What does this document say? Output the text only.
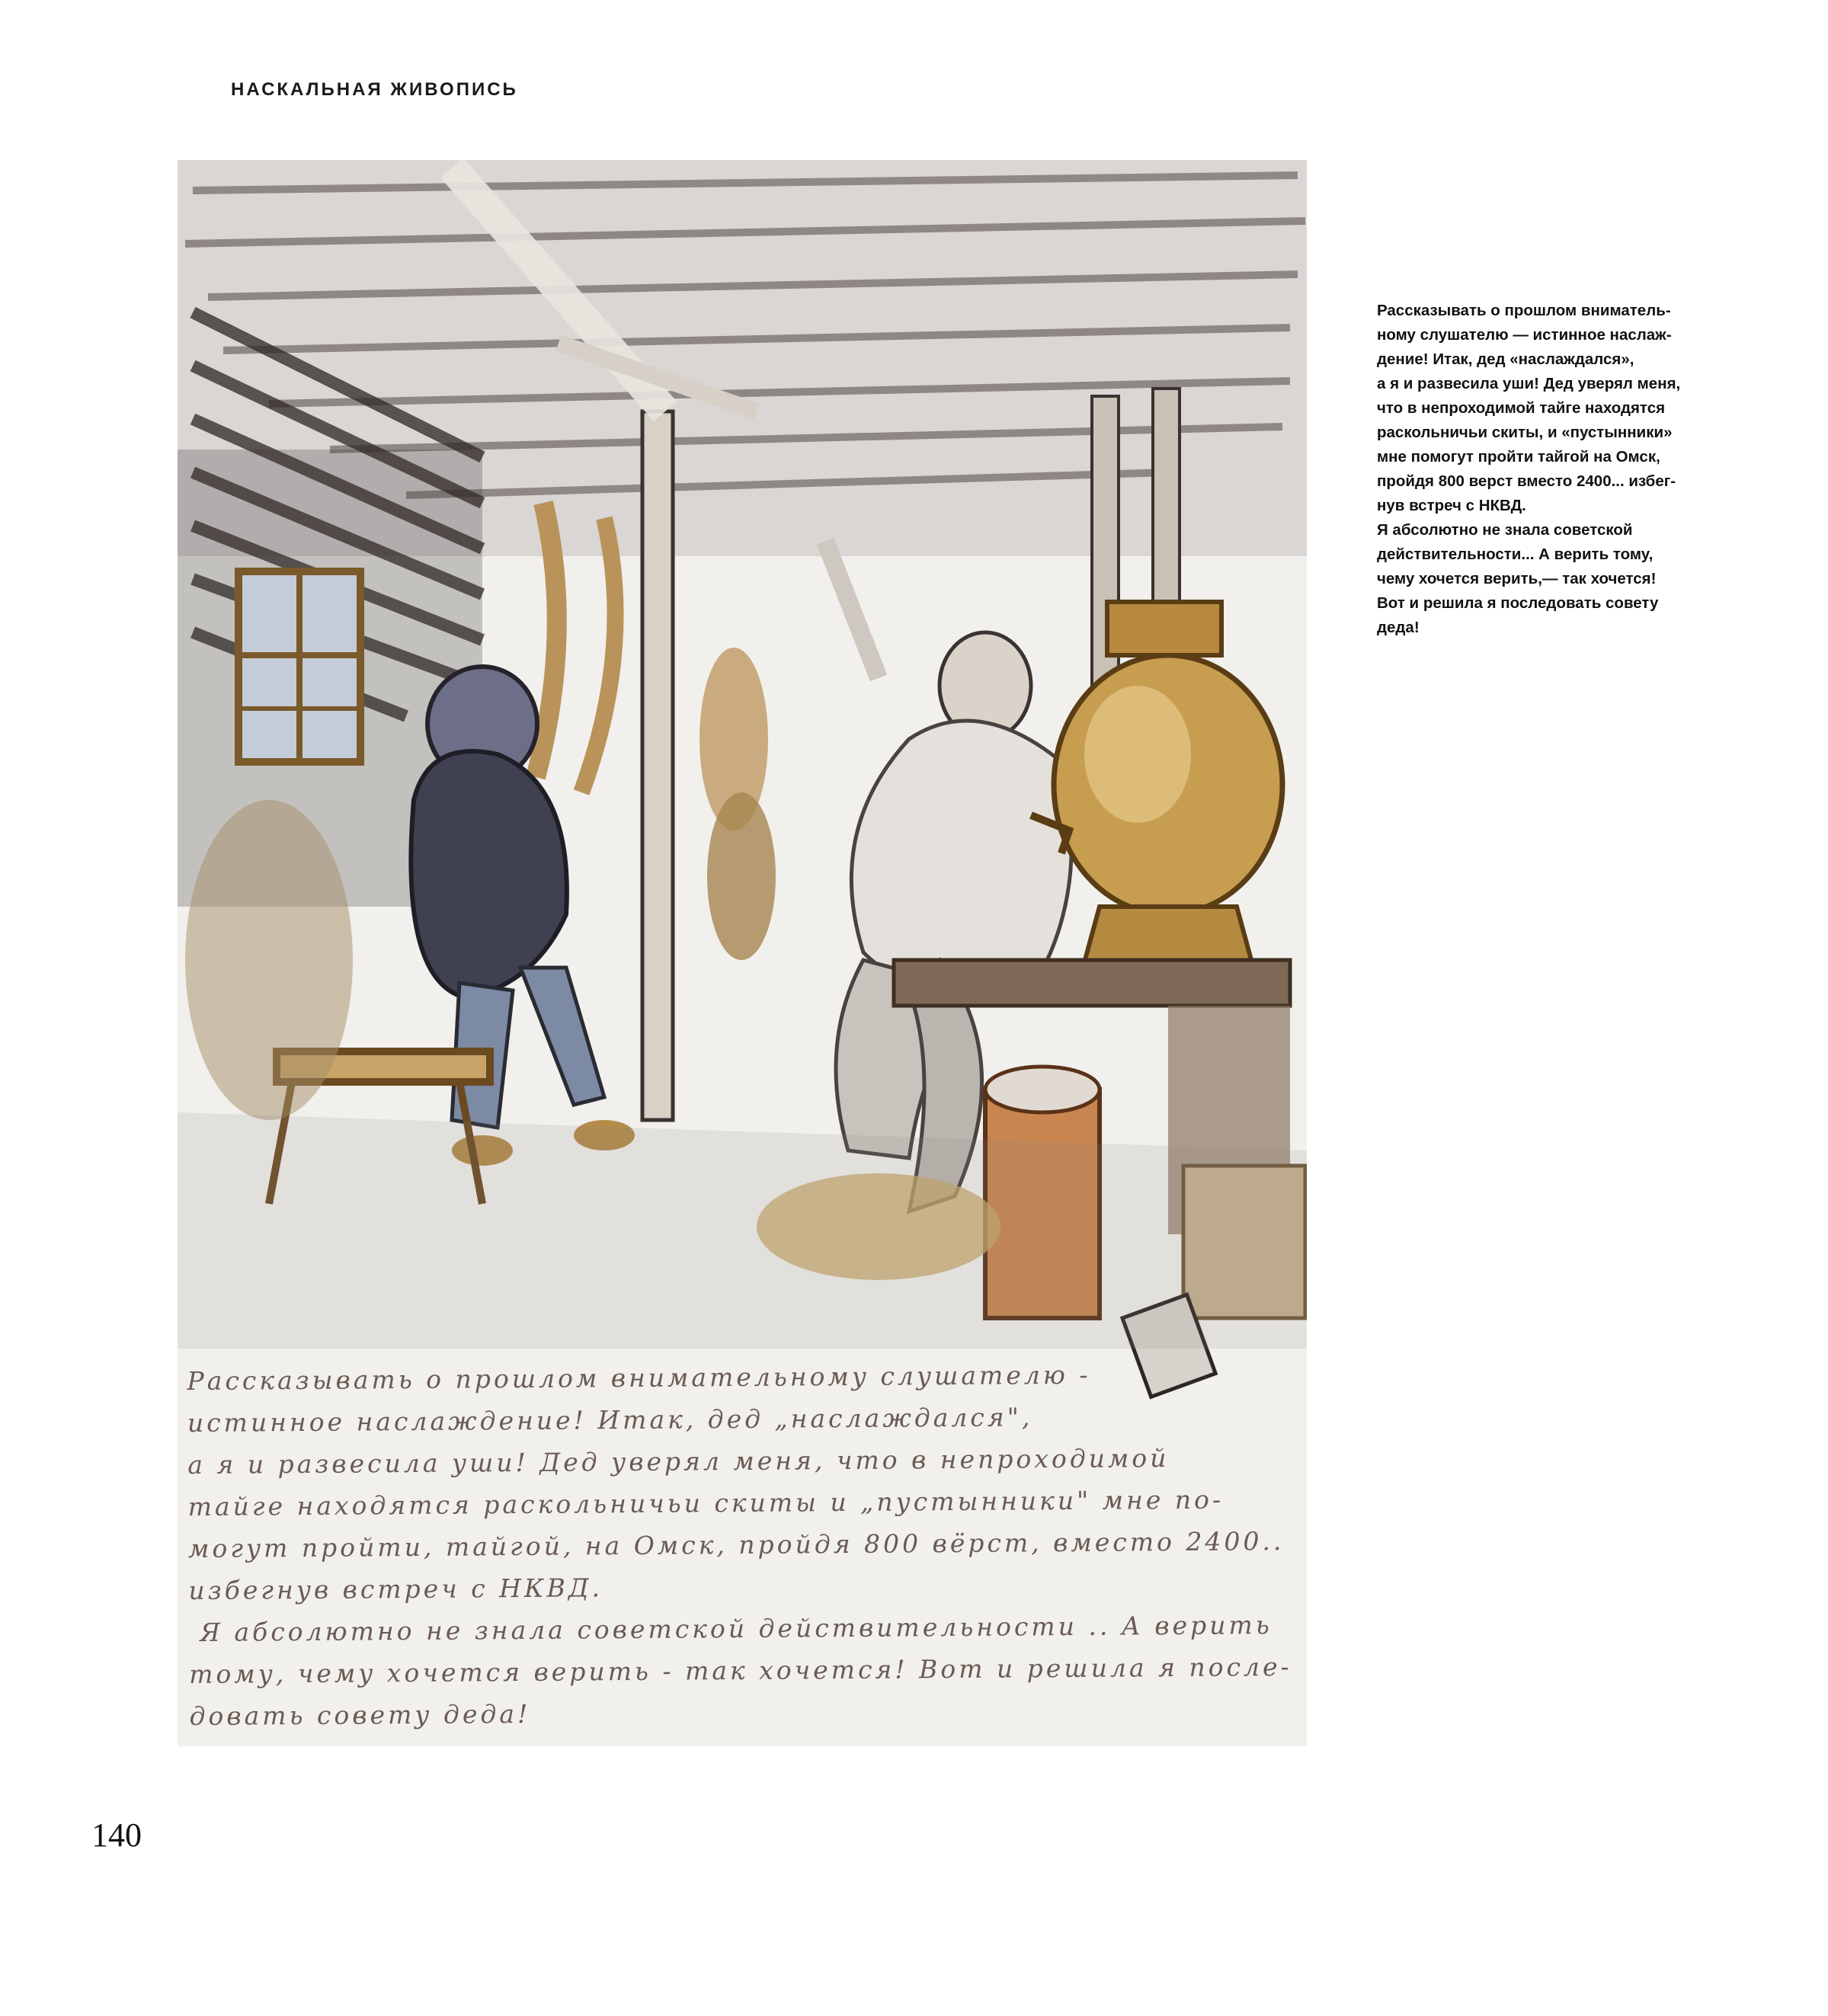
НАСКАЛЬНАЯ ЖИВОПИСЬ
Рассказывать о прошлом внимательному слушателю -
истинное наслаждение! Итак, дед „наслаждался",
а я и развесила уши! Дед уверял меня, что в непроходимой
тайге находятся раскольничьи скиты и „пустынники" мне по-
могут пройти, тайгой, на Омск, пройдя 800 вёрст, вместо 2400..
избегнув встреч с НКВД.
Я абсолютно не знала советской действительности .. А верить
тому, чему хочется верить - так хочется! Вот и решила я после-
довать совету деда!
Рассказывать о прошлом вниматель-
ному слушателю — истинное наслаж-
дение! Итак, дед «наслаждался»,
а я и развесила уши! Дед уверял меня,
что в непроходимой тайге находятся
раскольничьи скиты, и «пустынники»
мне помогут пройти тайгой на Омск,
пройдя 800 верст вместо 2400... избег-
нув встреч с НКВД.
Я абсолютно не знала советской
действительности... А верить тому,
чему хочется верить,— так хочется!
Вот и решила я последовать совету
деда!
140
